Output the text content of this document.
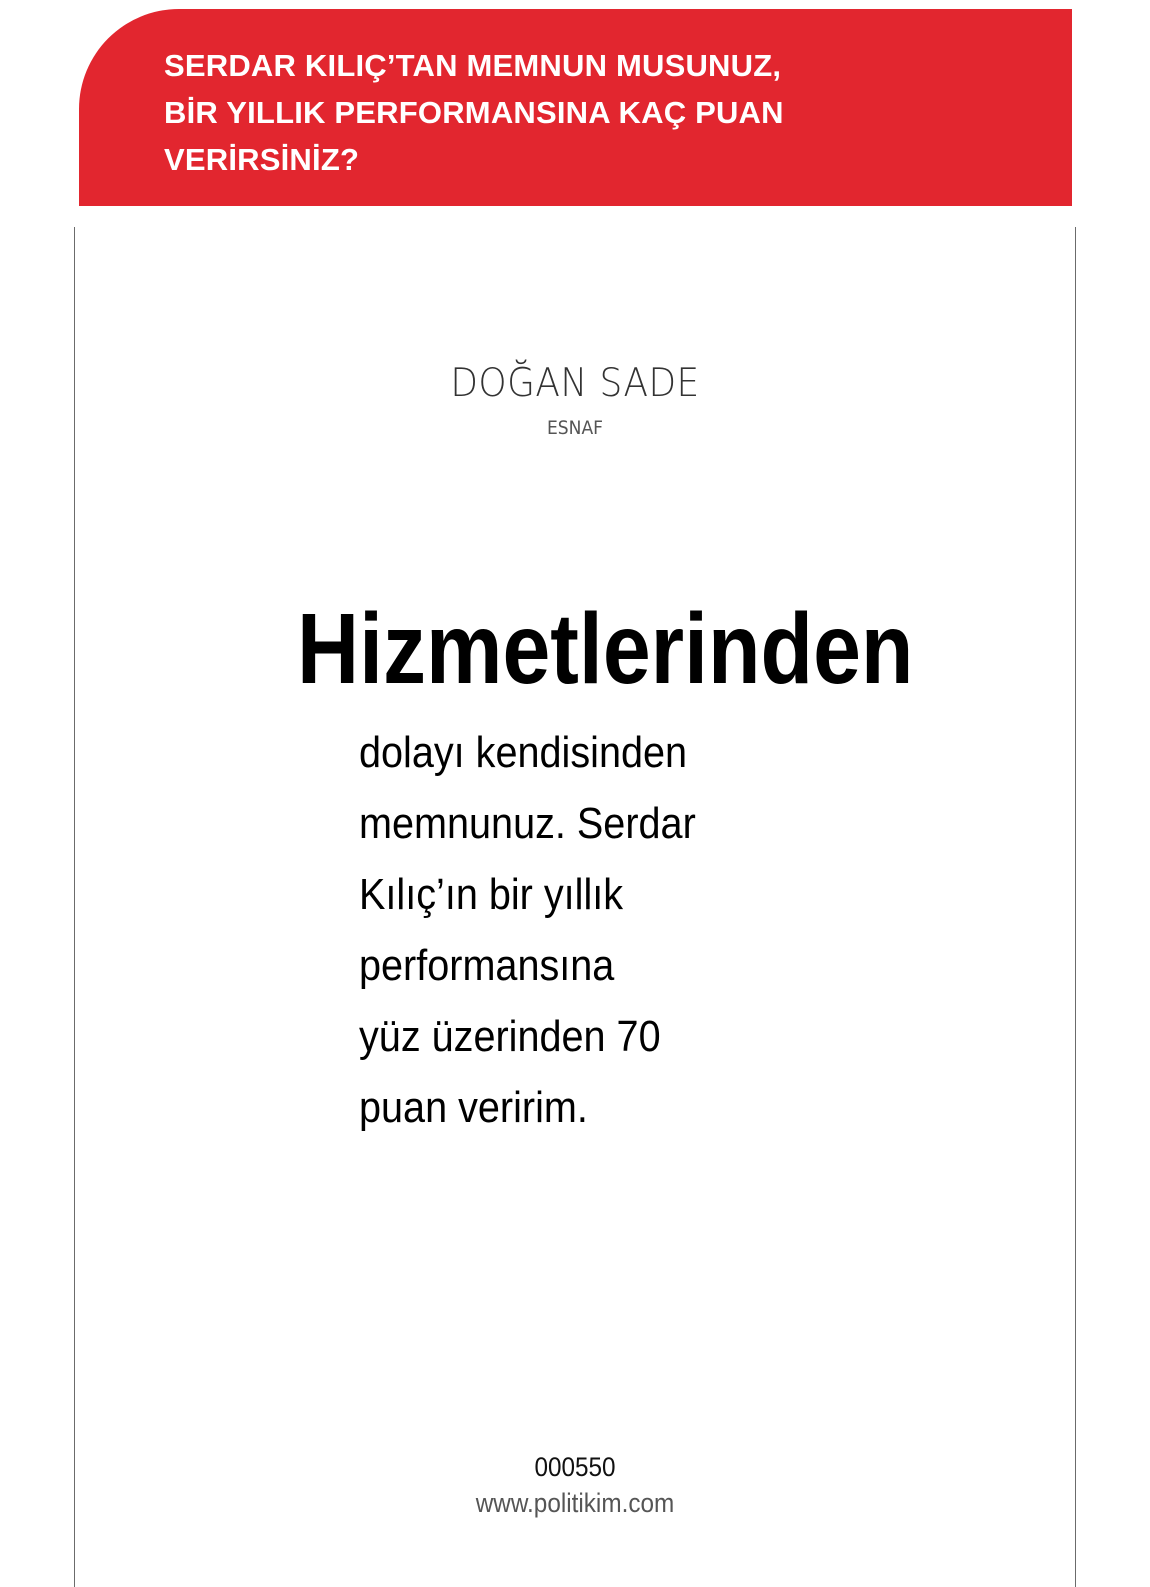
SERDAR KILIÇ’TAN MEMNUN MUSUNUZ,
BİR YILLIK PERFORMANSINA KAÇ PUAN
VERİRSİNİZ?
DOĞAN SADE
ESNAF
Hizmetlerinden

dolayı kendisinden
memnunuz. Serdar
Kılıç’ın bir yıllık
performansına
yüz üzerinden 70
puan veririm.

000550
www.politikim.com
